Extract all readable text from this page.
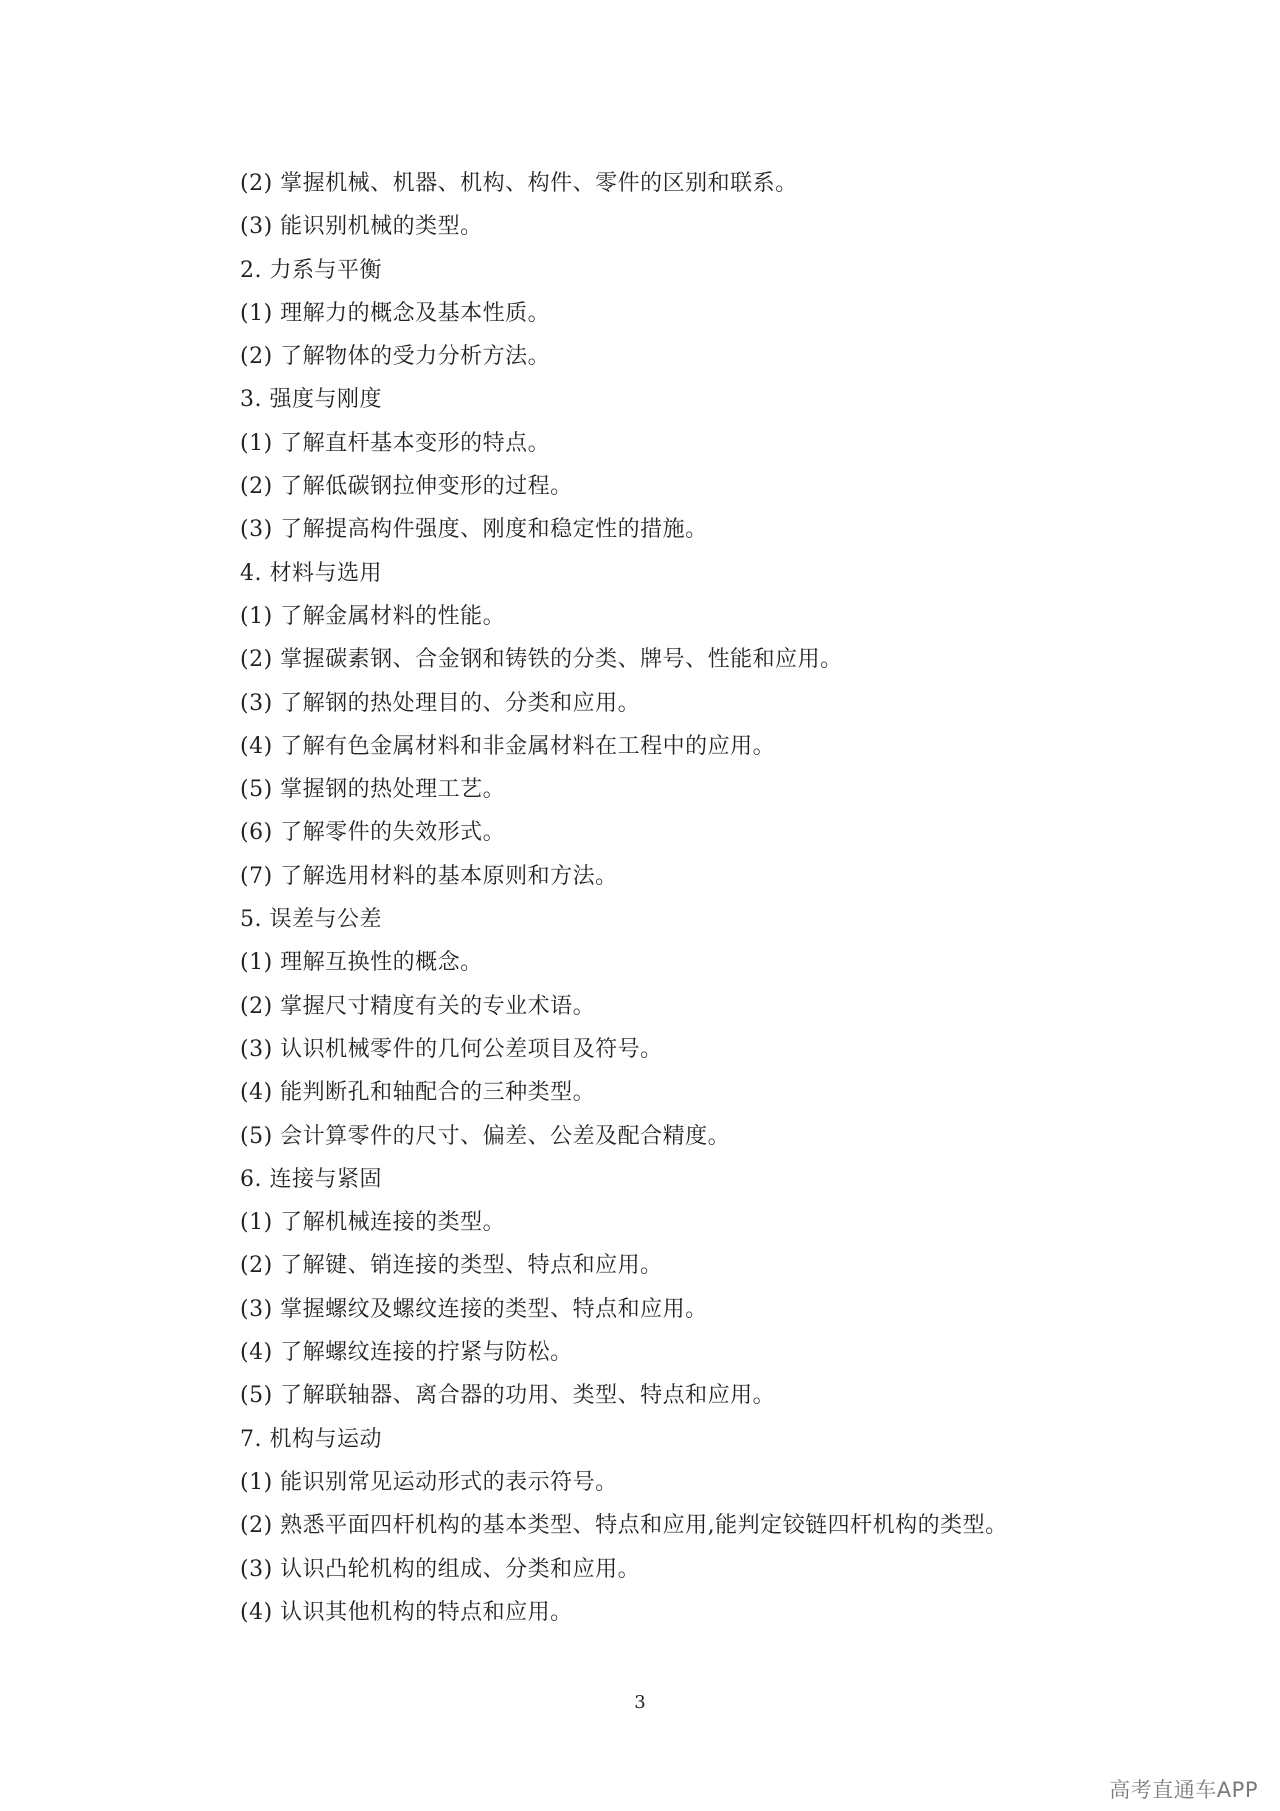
(2) 掌握机械、机器、机构、构件、零件的区别和联系。
(3) 能识别机械的类型。
2. 力系与平衡
(1) 理解力的概念及基本性质。
(2) 了解物体的受力分析方法。
3. 强度与刚度
(1) 了解直杆基本变形的特点。
(2) 了解低碳钢拉伸变形的过程。
(3) 了解提高构件强度、刚度和稳定性的措施。
4. 材料与选用
(1) 了解金属材料的性能。
(2) 掌握碳素钢、合金钢和铸铁的分类、牌号、性能和应用。
(3) 了解钢的热处理目的、分类和应用。
(4) 了解有色金属材料和非金属材料在工程中的应用。
(5) 掌握钢的热处理工艺。
(6) 了解零件的失效形式。
(7) 了解选用材料的基本原则和方法。
5. 误差与公差
(1) 理解互换性的概念。
(2) 掌握尺寸精度有关的专业术语。
(3) 认识机械零件的几何公差项目及符号。
(4) 能判断孔和轴配合的三种类型。
(5) 会计算零件的尺寸、偏差、公差及配合精度。
6. 连接与紧固
(1) 了解机械连接的类型。
(2) 了解键、销连接的类型、特点和应用。
(3) 掌握螺纹及螺纹连接的类型、特点和应用。
(4) 了解螺纹连接的拧紧与防松。
(5) 了解联轴器、离合器的功用、类型、特点和应用。
7. 机构与运动
(1) 能识别常见运动形式的表示符号。
(2) 熟悉平面四杆机构的基本类型、特点和应用,能判定铰链四杆机构的类型。
(3) 认识凸轮机构的组成、分类和应用。
(4) 认识其他机构的特点和应用。
3
高考直通车APP
